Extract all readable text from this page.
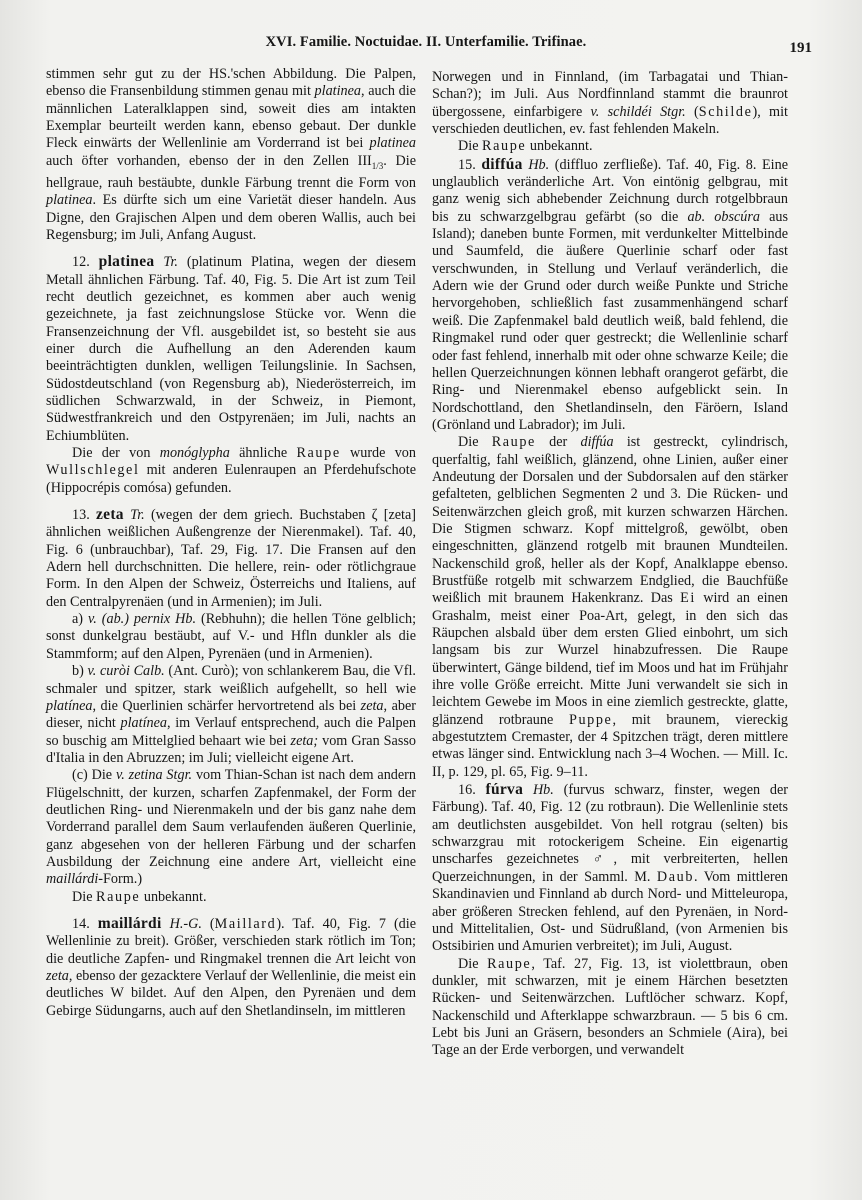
XVI. Familie. Noctuidae. II. Unterfamilie. Trifinae.	191

stimmen sehr gut zu der HS.'schen Abbildung. Die Palpen, ebenso die Fransenbildung stimmen genau mit platinea, auch die männlichen Lateralklappen sind, soweit dies am intakten Exemplar beurteilt werden kann, ebenso gebaut. Der dunkle Fleck einwärts der Wellenlinie am Vorderrand ist bei platinea auch öfter vorhanden, ebenso der in den Zellen $III_{1/3}$. Die hellgraue, rauh bestäubte, dunkle Färbung trennt die Form von platinea. Es dürfte sich um eine Varietät dieser handeln. Aus Digne, den Grajischen Alpen und dem oberen Wallis, auch bei Regensburg; im Juli, Anfang August.

12. platinea Tr. (platinum Platina, wegen der diesem Metall ähnlichen Färbung. Taf. 40, Fig. 5. Die Art ist zum Teil recht deutlich gezeichnet, es kommen aber auch wenig gezeichnete, ja fast zeichnungslose Stücke vor. Wenn die Fransenzeichnung der Vfl. ausgebildet ist, so besteht sie aus einer durch die Aufhellung an den Aderenden kaum beeinträchtigten dunklen, welligen Teilungslinie. In Sachsen, Südostdeutschland (von Regensburg ab), Niederösterreich, im südlichen Schwarzwald, in der Schweiz, in Piemont, Südwestfrankreich und den Ostpyrenäen; im Juli, nachts an Echiumblüten.

Die der von monóglypha ähnliche Raupe wurde von Wullschlegel mit anderen Eulenraupen an Pferdehufschote (Hippocrépis comósa) gefunden.

13. zeta Tr. (wegen der dem griech. Buchstaben ζ [zeta] ähnlichen weißlichen Außengrenze der Nierenmakel). Taf. 40, Fig. 6 (unbrauchbar), Taf. 29, Fig. 17. Die Fransen auf den Adern hell durchschnitten. Die hellere, rein- oder rötlichgraue Form. In den Alpen der Schweiz, Österreichs und Italiens, auf den Centralpyrenäen (und in Armenien); im Juli.

a) v. (ab.) pernix Hb. (Rebhuhn); die hellen Töne gelblich; sonst dunkelgrau bestäubt, auf V.- und Hfln dunkler als die Stammform; auf den Alpen, Pyrenäen (und in Armenien).

b) v. curòi Calb. (Ant. Curò); von schlankerem Bau, die Vfl. schmaler und spitzer, stark weißlich aufgehellt, so hell wie platínea, die Querlinien schärfer hervortretend als bei zeta, aber dieser, nicht platínea, im Verlauf entsprechend, auch die Palpen so buschig am Mittelglied behaart wie bei zeta; vom Gran Sasso d'Italia in den Abruzzen; im Juli; vielleicht eigene Art.

(c) Die v. zetina Stgr. vom Thian-Schan ist nach dem andern Flügelschnitt, der kurzen, scharfen Zapfenmakel, der Form der deutlichen Ring- und Nierenmakeln und der bis ganz nahe dem Vorderrand parallel dem Saum verlaufenden äußeren Querlinie, ganz abgesehen von der helleren Färbung und der scharfen Ausbildung der Zeichnung eine andere Art, vielleicht eine maillárdi-Form.)

Die Raupe unbekannt.

14. maillárdi H.-G. (Maillard). Taf. 40, Fig. 7 (die Wellenlinie zu breit). Größer, verschieden stark rötlich im Ton; die deutliche Zapfen- und Ringmakel trennen die Art leicht von zeta, ebenso der gezacktere Verlauf der Wellenlinie, die meist ein deutliches W bildet. Auf den Alpen, den Pyrenäen und dem Gebirge Südungarns, auch auf den Shetlandinseln, im mittleren

Norwegen und in Finnland, (im Tarbagatai und Thian-Schan?); im Juli. Aus Nordfinnland stammt die braunrot übergossene, einfarbigere v. schildéi Stgr. (Schilde), mit verschieden deutlichen, ev. fast fehlenden Makeln.

Die Raupe unbekannt.

15. diffúa Hb. (diffluo zerfließe). Taf. 40, Fig. 8. Eine unglaublich veränderliche Art. Von eintönig gelbgrau, mit ganz wenig sich abhebender Zeichnung durch rotgelbbraun bis zu schwarzgelbgrau gefärbt (so die ab. obscúra aus Island); daneben bunte Formen, mit verdunkelter Mittelbinde und Saumfeld, die äußere Querlinie scharf oder fast verschwunden, in Stellung und Verlauf veränderlich, die Adern wie der Grund oder durch weiße Punkte und Striche hervorgehoben, schließlich fast zusammenhängend scharf weiß. Die Zapfenmakel bald deutlich weiß, bald fehlend, die Ringmakel rund oder quer gestreckt; die Wellenlinie scharf oder fast fehlend, innerhalb mit oder ohne schwarze Keile; die hellen Querzeichnungen können lebhaft orangerot gefärbt, die Ring- und Nierenmakel ebenso aufgeblickt sein. In Nordschottland, den Shetlandinseln, den Färöern, Island (Grönland und Labrador); im Juli.

Die Raupe der diffúa ist gestreckt, cylindrisch, querfaltig, fahl weißlich, glänzend, ohne Linien, außer einer Andeutung der Dorsalen und der Subdorsalen auf den stärker gefalteten, gelblichen Segmenten 2 und 3. Die Rücken- und Seitenwärzchen gleich groß, mit kurzen schwarzen Härchen. Die Stigmen schwarz. Kopf mittelgroß, gewölbt, oben eingeschnitten, glänzend rotgelb mit braunen Mundteilen. Nackenschild groß, heller als der Kopf, Analklappe ebenso. Brustfüße rotgelb mit schwarzem Endglied, die Bauchfüße weißlich mit braunem Hakenkranz. Das Ei wird an einen Grashalm, meist einer Poa-Art, gelegt, in den sich das Räupchen alsbald über dem ersten Glied einbohrt, um sich langsam bis zur Wurzel hinabzufressen. Die Raupe überwintert, Gänge bildend, tief im Moos und hat im Frühjahr ihre volle Größe erreicht. Mitte Juni verwandelt sie sich in leichtem Gewebe im Moos in eine ziemlich gestreckte, glatte, glänzend rotbraune Puppe, mit braunem, viereckig abgestutztem Cremaster, der 4 Spitzchen trägt, deren mittlere etwas länger sind. Entwicklung nach 3–4 Wochen. — Mill. Ic. II, p. 129, pl. 65, Fig. 9–11.

16. fúrva Hb. (furvus schwarz, finster, wegen der Färbung). Taf. 40, Fig. 12 (zu rotbraun). Die Wellenlinie stets am deutlichsten ausgebildet. Von hell rotgrau (selten) bis schwarzgrau mit rotockerigem Scheine. Ein eigenartig unscharfes gezeichnetes ♂, mit verbreiterten, hellen Querzeichnungen, in der Samml. M. Daub. Vom mittleren Skandinavien und Finnland ab durch Nord- und Mitteleuropa, aber größeren Strecken fehlend, auf den Pyrenäen, in Nord- und Mittelitalien, Ost- und Südrußland, (von Armenien bis Ostsibirien und Amurien verbreitet); im Juli, August.

Die Raupe, Taf. 27, Fig. 13, ist violettbraun, oben dunkler, mit schwarzen, mit je einem Härchen besetzten Rücken- und Seitenwärzchen. Luftlöcher schwarz. Kopf, Nackenschild und Afterklappe schwarzbraun. — 5 bis 6 cm. Lebt bis Juni an Gräsern, besonders an Schmiele (Aira), bei Tage an der Erde verborgen, und verwandelt
